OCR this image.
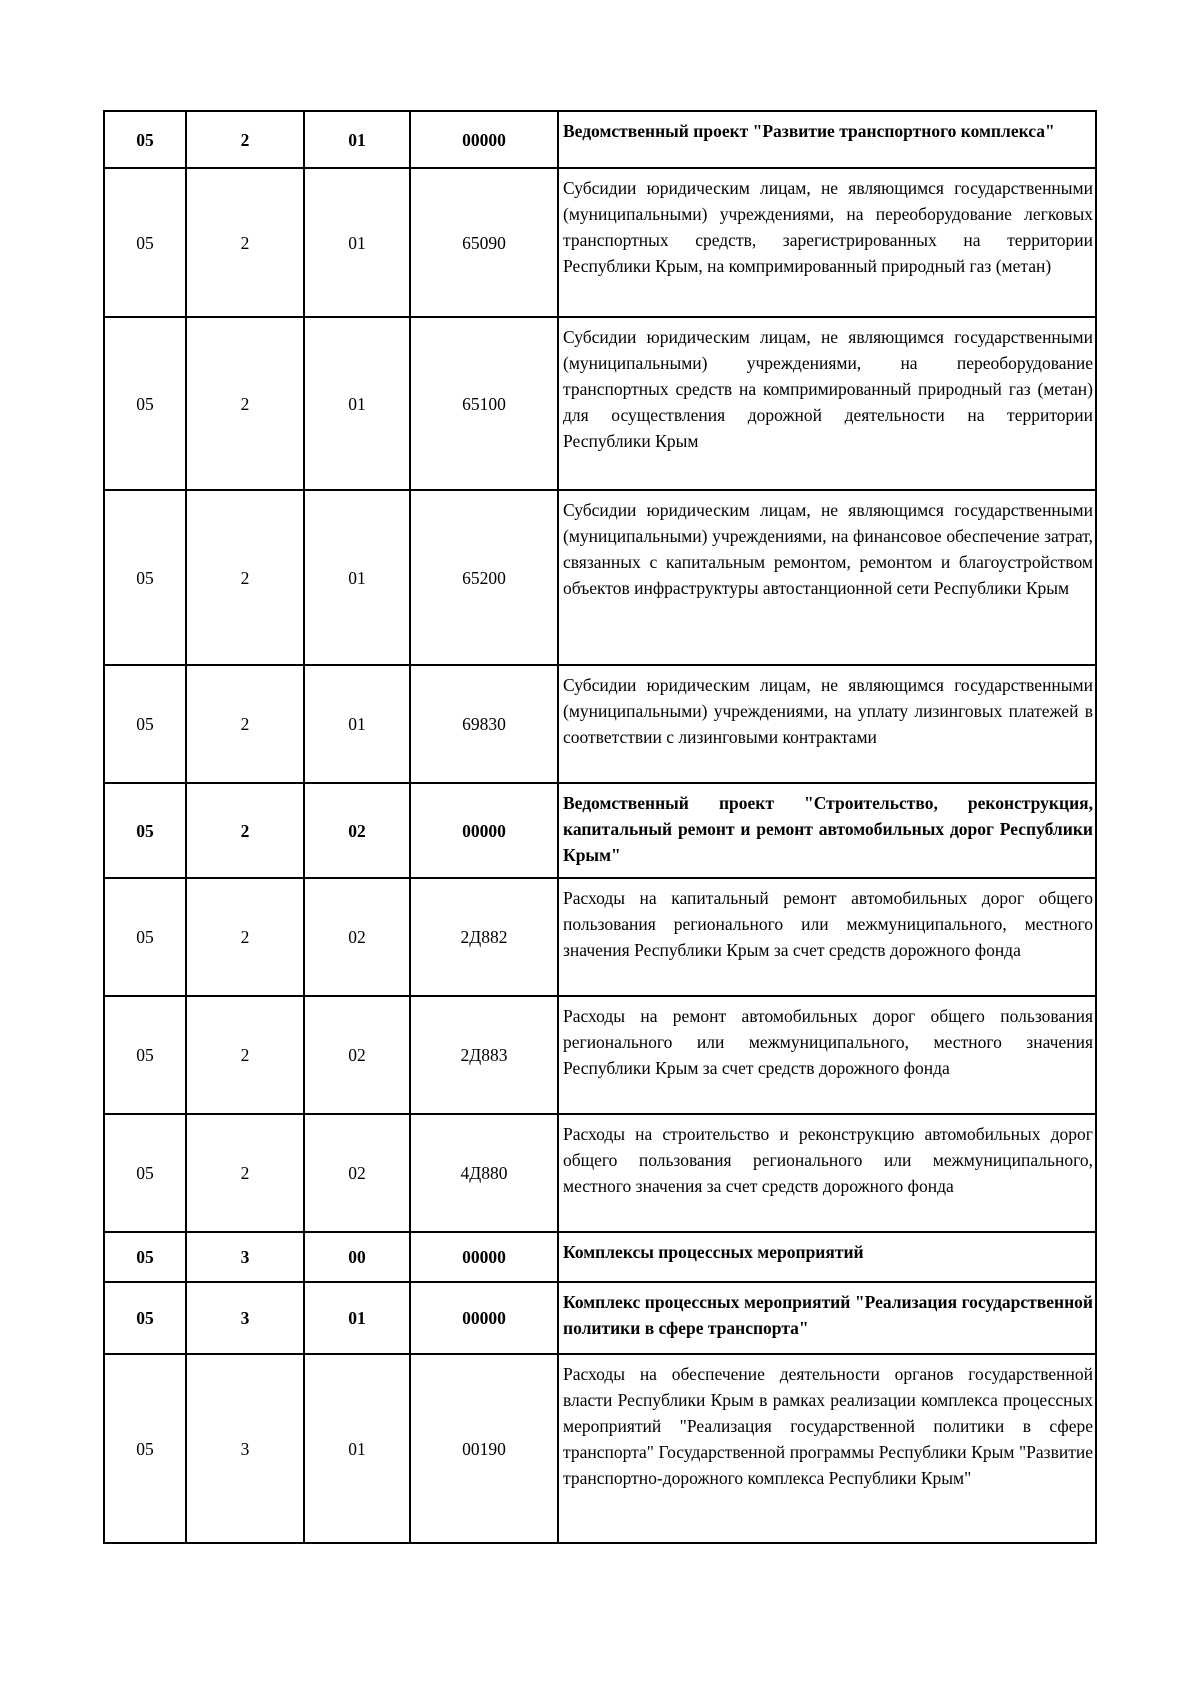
05	2	01	00000	Ведомственный проект "Развитие транспортного комплекса"

05	2	01	65090	Субсидии юридическим лицам, не являющимся государственными (муниципальными) учреждениями, на переоборудование легковых транспортных средств, зарегистрированных на территории Республики Крым, на компримированный природный газ (метан)

05	2	01	65100	Субсидии юридическим лицам, не являющимся государственными (муниципальными) учреждениями, на переоборудование транспортных средств на компримированный природный газ (метан) для осуществления дорожной деятельности на территории Республики Крым

05	2	01	65200	Субсидии юридическим лицам, не являющимся государственными (муниципальными) учреждениями, на финансовое обеспечение затрат, связанных с капитальным ремонтом, ремонтом и благоустройством объектов инфраструктуры автостанционной сети Республики Крым

05	2	01	69830	Субсидии юридическим лицам, не являющимся государственными (муниципальными) учреждениями, на уплату лизинговых платежей в соответствии с лизинговыми контрактами

05	2	02	00000	Ведомственный проект "Строительство, реконструкция, капитальный ремонт и ремонт автомобильных дорог Республики Крым"

05	2	02	2Д882	Расходы на капитальный ремонт автомобильных дорог общего пользования регионального или межмуниципального, местного значения Республики Крым за счет средств дорожного фонда

05	2	02	2Д883	Расходы на ремонт автомобильных дорог общего пользования регионального или межмуниципального, местного значения Республики Крым за счет средств дорожного фонда

05	2	02	4Д880	Расходы на строительство и реконструкцию автомобильных дорог общего пользования регионального или межмуниципального, местного значения за счет средств дорожного фонда

05	3	00	00000	Комплексы процессных мероприятий

05	3	01	00000	Комплекс процессных мероприятий "Реализация государственной политики в сфере транспорта"

05	3	01	00190	Расходы на обеспечение деятельности органов государственной власти Республики Крым в рамках реализации комплекса процессных мероприятий "Реализация государственной политики в сфере транспорта" Государственной программы Республики Крым "Развитие транспортно-дорожного комплекса Республики Крым"
